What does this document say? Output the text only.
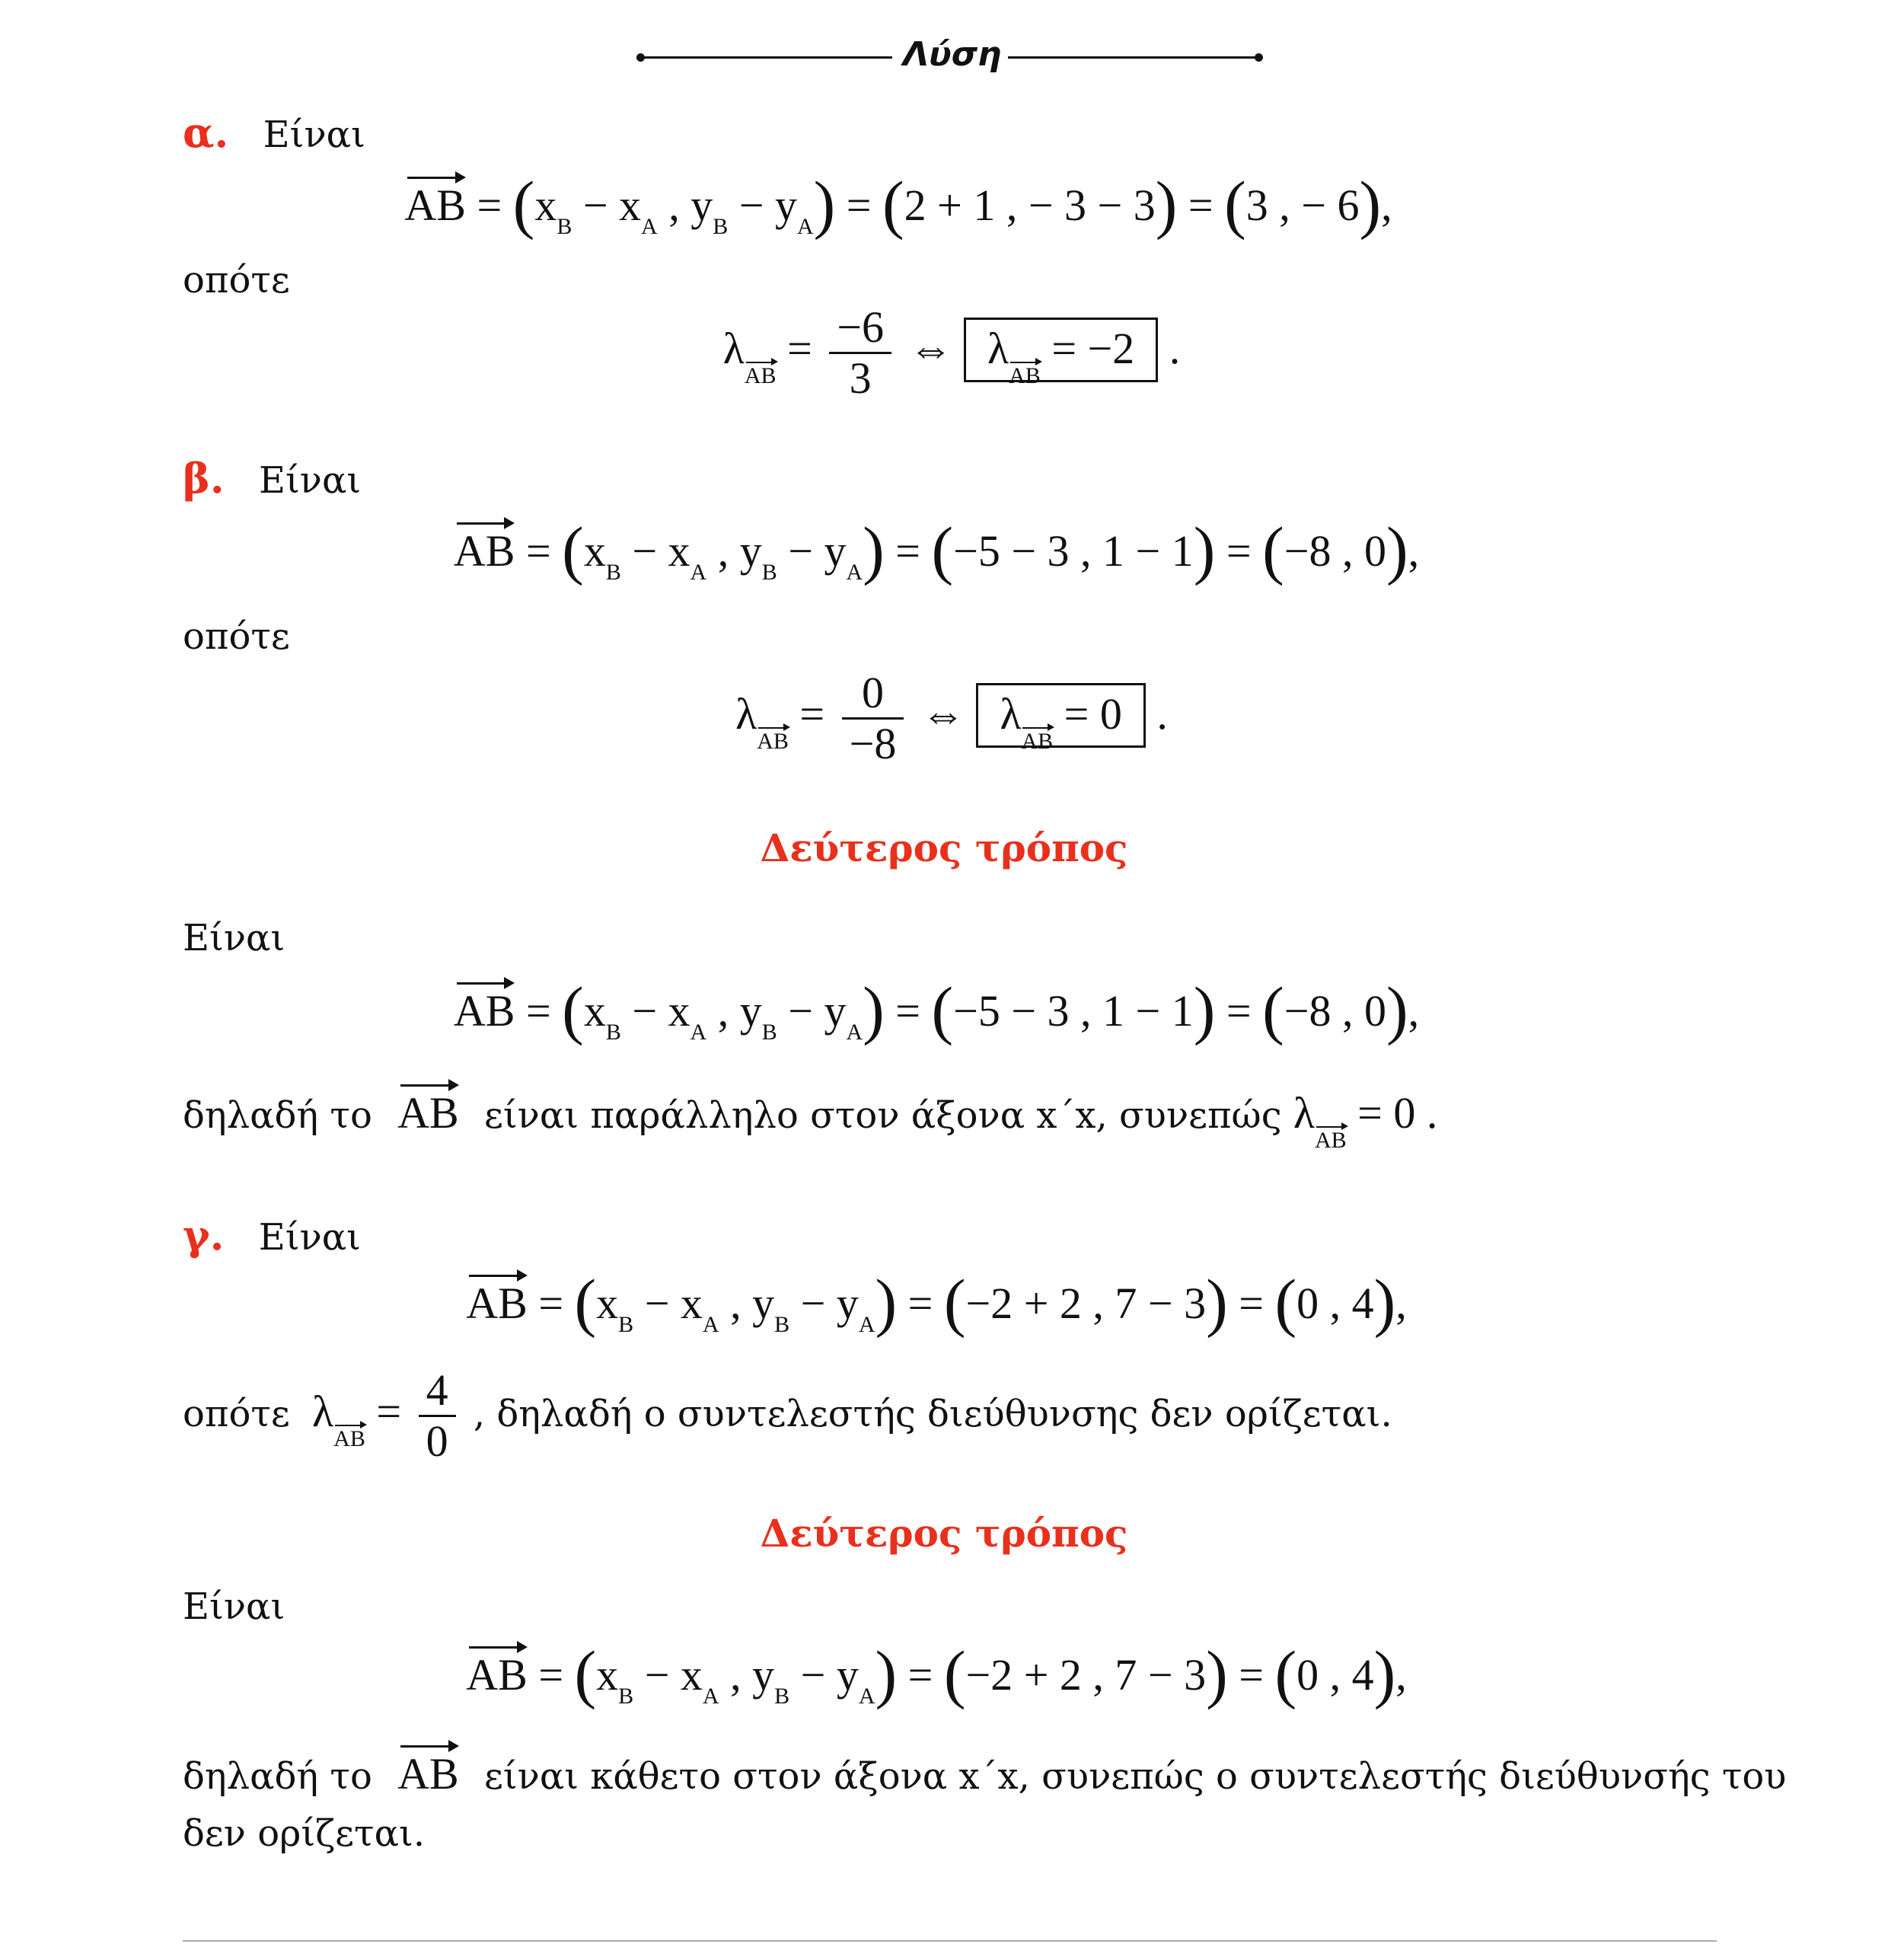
Λύση
α. Είναι
AB = ($x_B - x_A$ , $y_B - y_A) = (2 + 1$ , − 3 − 3) = (3 , − 6),
οπότε
$\lambda AB = \frac{-6}{3}$ ⇔ λAB = −2 .
β. Είναι
AB = ($x_B - x_A$ , $y_B - y_A) = (-5 - 3$ , 1 − 1) = (−8 , 0),
οπότε
$\lambda AB = \frac{0}{-8}$ ⇔ λAB = 0 .
Δεύτερος τρόπος
Είναι
AB = ($x_B - x_A$ , $y_B - y_A) = (-5 - 3$ , 1 − 1) = (−8 , 0),
δηλαδή το AB είναι παράλληλο στον άξονα x΄x, συνεπώς λAB = 0 .
γ. Είναι
AB = ($x_B - x_A$ , $y_B - y_A) = (-2 + 2$ , 7 − 3) = (0 , 4),
οπότε $\lambda AB = \frac{4}{0}$ , δηλαδή ο συντελεστής διεύθυνσης δεν ορίζεται.
Δεύτερος τρόπος
Είναι
AB = ($x_B - x_A$ , $y_B - y_A) = (-2 + 2$ , 7 − 3) = (0 , 4),
δηλαδή το AB είναι κάθετο στον άξονα x΄x, συνεπώς ο συντελεστής διεύθυνσής του
δεν ορίζεται.
